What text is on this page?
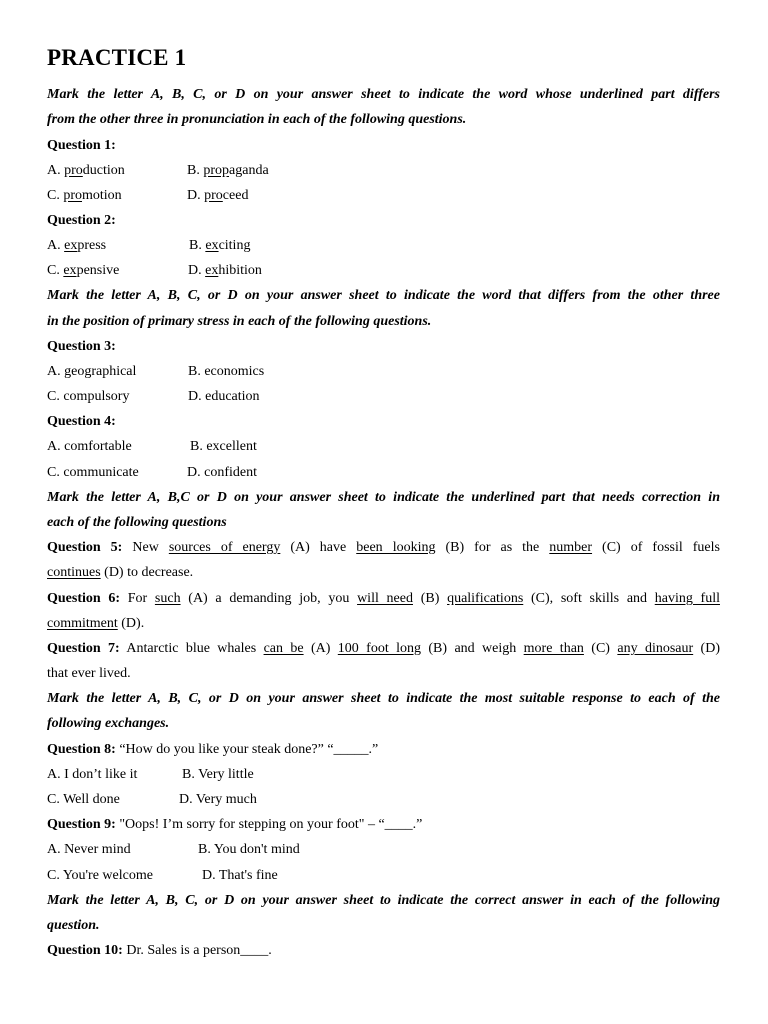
PRACTICE 1
Mark the letter A, B, C, or D on your answer sheet to indicate the word whose underlined part differs
from the other three in pronunciation in each of the following questions.
Question 1:
A. production	B. propaganda
C. promotion	D. proceed
Question 2:
A. express	B. exciting
C. expensive	D. exhibition
Mark the letter A, B, C, or D on your answer sheet to indicate the word that differs from the other three
in the position of primary stress in each of the following questions.
Question 3:
A. geographical	B. economics
C. compulsory	D. education
Question 4:
A. comfortable	B. excellent
C. communicate	D. confident
Mark the letter A, B,C or D on your answer sheet to indicate the underlined part that needs correction in
each of the following questions
Question 5: New sources of energy (A) have been looking (B) for as the number (C) of fossil fuels
continues (D) to decrease.
Question 6: For such (A) a demanding job, you will need (B) qualifications (C), soft skills and having full
commitment (D).
Question 7: Antarctic blue whales can be (A) 100 foot long (B) and weigh more than (C) any dinosaur (D)
that ever lived.
Mark the letter A, B, C, or D on your answer sheet to indicate the most suitable response to each of the
following exchanges.
Question 8: “How do you like your steak done?” “_____.”
A. I don’t like it	B. Very little
C. Well done	D. Very much
Question 9: "Oops! I’m sorry for stepping on your foot" – “____.”
A. Never mind	B. You don't mind
C. You're welcome	D. That's fine
Mark the letter A, B, C, or D on your answer sheet to indicate the correct answer in each of the following
question.
Question 10: Dr. Sales is a person____.
